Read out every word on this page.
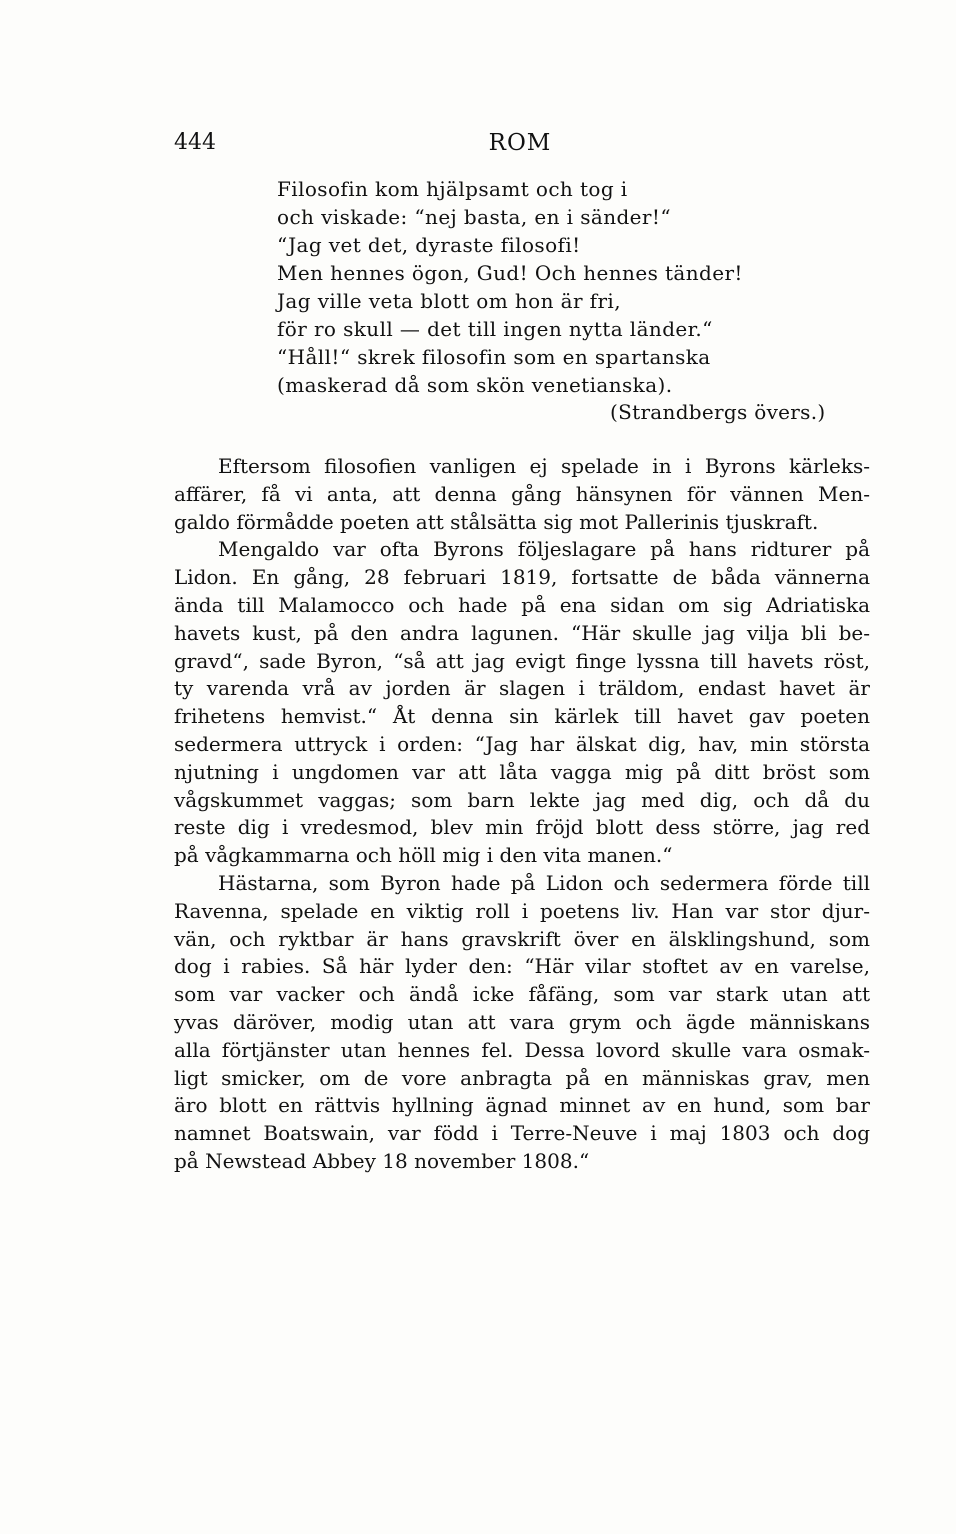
444	ROM
Filosofin kom hjälpsamt och tog i
och viskade: “nej basta, en i sänder!“
“Jag vet det, dyraste filosofi!
Men hennes ögon, Gud! Och hennes tänder!
Jag ville veta blott om hon är fri,
för ro skull — det till ingen nytta länder.“
“Håll!“ skrek filosofin som en spartanska
(maskerad då som skön venetianska).
(Strandbergs övers.)
Eftersom filosofien vanligen ej spelade in i Byrons kärleks-
affärer, få vi anta, att denna gång hänsynen för vännen Men-
galdo förmådde poeten att stålsätta sig mot Pallerinis tjuskraft.
Mengaldo var ofta Byrons följeslagare på hans ridturer på
Lidon. En gång, 28 februari 1819, fortsatte de båda vännerna
ända till Malamocco och hade på ena sidan om sig Adriatiska
havets kust, på den andra lagunen. “Här skulle jag vilja bli be-
gravd“, sade Byron, “så att jag evigt finge lyssna till havets röst,
ty varenda vrå av jorden är slagen i träldom, endast havet är
frihetens hemvist.“ Åt denna sin kärlek till havet gav poeten
sedermera uttryck i orden: “Jag har älskat dig, hav, min största
njutning i ungdomen var att låta vagga mig på ditt bröst som
vågskummet vaggas; som barn lekte jag med dig, och då du
reste dig i vredesmod, blev min fröjd blott dess större, jag red
på vågkammarna och höll mig i den vita manen.“
Hästarna, som Byron hade på Lidon och sedermera förde till
Ravenna, spelade en viktig roll i poetens liv. Han var stor djur-
vän, och ryktbar är hans gravskrift över en älsklingshund, som
dog i rabies. Så här lyder den: “Här vilar stoftet av en varelse,
som var vacker och ändå icke fåfäng, som var stark utan att
yvas däröver, modig utan att vara grym och ägde människans
alla förtjänster utan hennes fel. Dessa lovord skulle vara osmak-
ligt smicker, om de vore anbragta på en människas grav, men
äro blott en rättvis hyllning ägnad minnet av en hund, som bar
namnet Boatswain, var född i Terre-Neuve i maj 1803 och dog
på Newstead Abbey 18 november 1808.“
